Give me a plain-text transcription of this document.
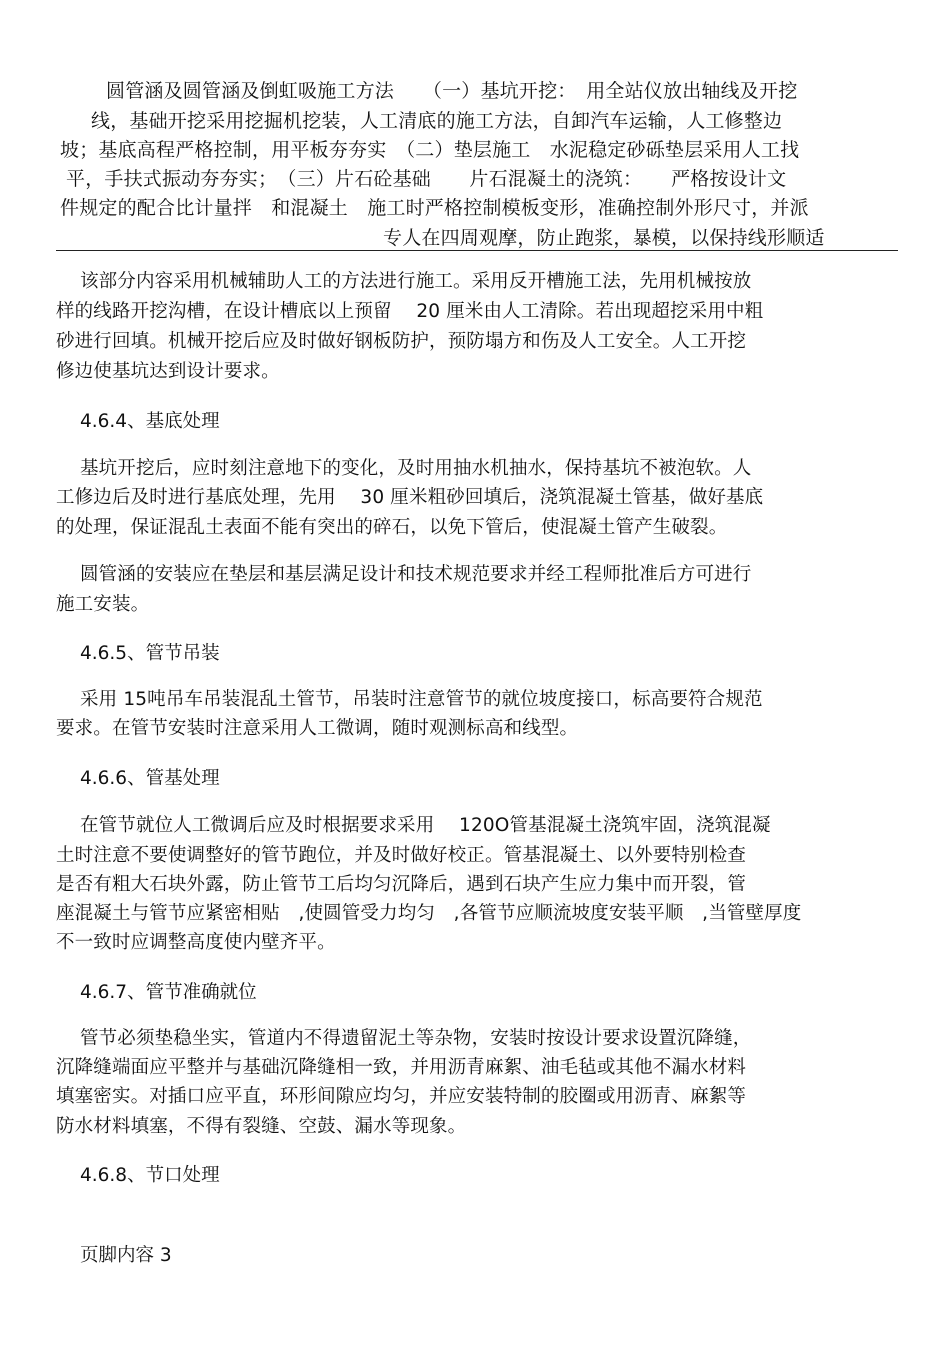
圆管涵及圆管涵及倒虹吸施工方法　　（一）基坑开挖：　用全站仪放出轴线及开挖
线，基础开挖采用挖掘机挖装，人工清底的施工方法，自卸汽车运输，人工修整边
坡；基底高程严格控制，用平板夯夯实　（二）垫层施工　水泥稳定砂砾垫层采用人工找
平，手扶式振动夯夯实；　（三）片石砼基础　　片石混凝土的浇筑：　　严格按设计文
件规定的配合比计量拌　和混凝土　施工时严格控制模板变形，准确控制外形尺寸，并派
专人在四周观摩，防止跑浆，暴模，以保持线形顺适
该部分内容采用机械辅助人工的方法进行施工。采用反开槽施工法，先用机械按放
样的线路开挖沟槽，在设计槽底以上预留　 20 厘米由人工清除。若出现超挖采用中粗
砂进行回填。机械开挖后应及时做好钢板防护，预防塌方和伤及人工安全。人工开挖
修边使基坑达到设计要求。
4.6.4、基底处理
基坑开挖后，应时刻注意地下的变化，及时用抽水机抽水，保持基坑不被泡软。人
工修边后及时进行基底处理，先用　 30 厘米粗砂回填后，浇筑混凝土管基，做好基底
的处理，保证混乱土表面不能有突出的碎石，以免下管后，使混凝土管产生破裂。
圆管涵的安装应在垫层和基层满足设计和技术规范要求并经工程师批准后方可进行
施工安装。
4.6.5、管节吊装
采用 15吨吊车吊装混乱土管节，吊装时注意管节的就位坡度接口，标高要符合规范
要求。在管节安装时注意采用人工微调，随时观测标高和线型。
4.6.6、管基处理
在管节就位人工微调后应及时根据要求采用　 120O管基混凝土浇筑牢固，浇筑混凝
土时注意不要使调整好的管节跑位，并及时做好校正。管基混凝土、以外要特别检查
是否有粗大石块外露，防止管节工后均匀沉降后，遇到石块产生应力集中而开裂，管
座混凝土与管节应紧密相贴　,使圆管受力均匀　,各管节应顺流坡度安装平顺　,当管壁厚度
不一致时应调整高度使内壁齐平。
4.6.7、管节准确就位
管节必须垫稳坐实，管道内不得遗留泥土等杂物，安装时按设计要求设置沉降缝，
沉降缝端面应平整并与基础沉降缝相一致，并用沥青麻絮、油毛毡或其他不漏水材料
填塞密实。对插口应平直，环形间隙应均匀，并应安装特制的胶圈或用沥青、麻絮等
防水材料填塞，不得有裂缝、空鼓、漏水等现象。
4.6.8、节口处理
页脚内容 3
